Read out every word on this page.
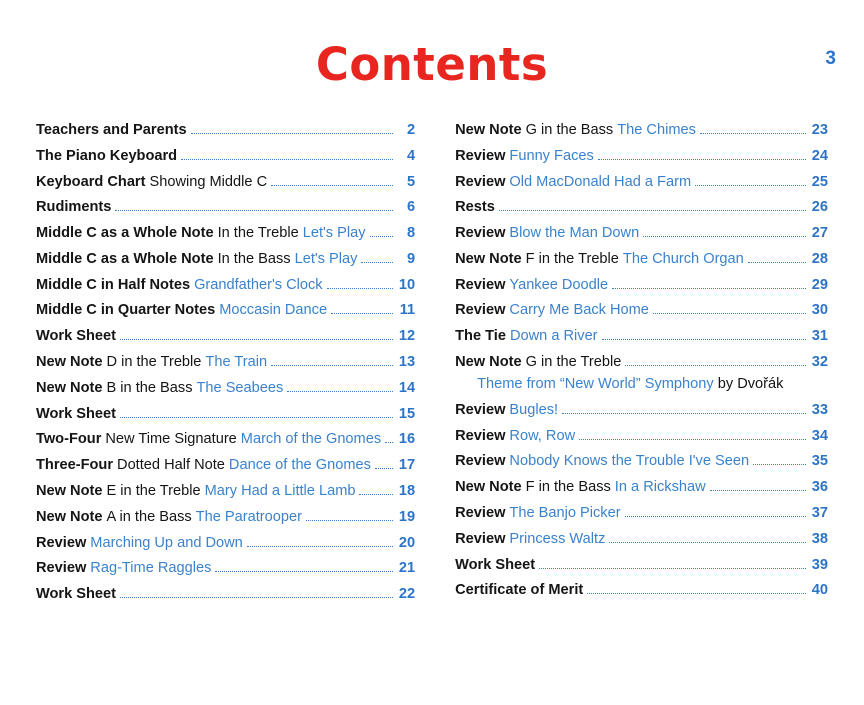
3
Contents
Teachers and Parents	2
The Piano Keyboard	4
Keyboard Chart Showing Middle C	5
Rudiments	6
Middle C as a Whole Note In the Treble Let's Play	8
Middle C as a Whole Note In the Bass Let's Play	9
Middle C in Half Notes Grandfather's Clock	10
Middle C in Quarter Notes Moccasin Dance	11
Work Sheet	12
New Note D in the Treble The Train	13
New Note B in the Bass The Seabees	14
Work Sheet	15
Two-Four New Time Signature March of the Gnomes 16
Three-Four Dotted Half Note Dance of the Gnomes 17
New Note E in the Treble Mary Had a Little Lamb	18
New Note A in the Bass The Paratrooper	19
Review Marching Up and Down	20
Review Rag-Time Raggles	21
Work Sheet	22
New Note G in the Bass The Chimes	23
Review Funny Faces	24
Review Old MacDonald Had a Farm	25
Rests	26
Review Blow the Man Down	27
New Note F in the Treble The Church Organ	28
Review Yankee Doodle	29
Review Carry Me Back Home	30
The Tie Down a River	31
New Note G in the Treble	32
Theme from “New World” Symphony by Dvořák
Review Bugles!	33
Review Row, Row	34
Review Nobody Knows the Trouble I've Seen	35
New Note F in the Bass In a Rickshaw	36
Review The Banjo Picker	37
Review Princess Waltz	38
Work Sheet	39
Certificate of Merit	40
